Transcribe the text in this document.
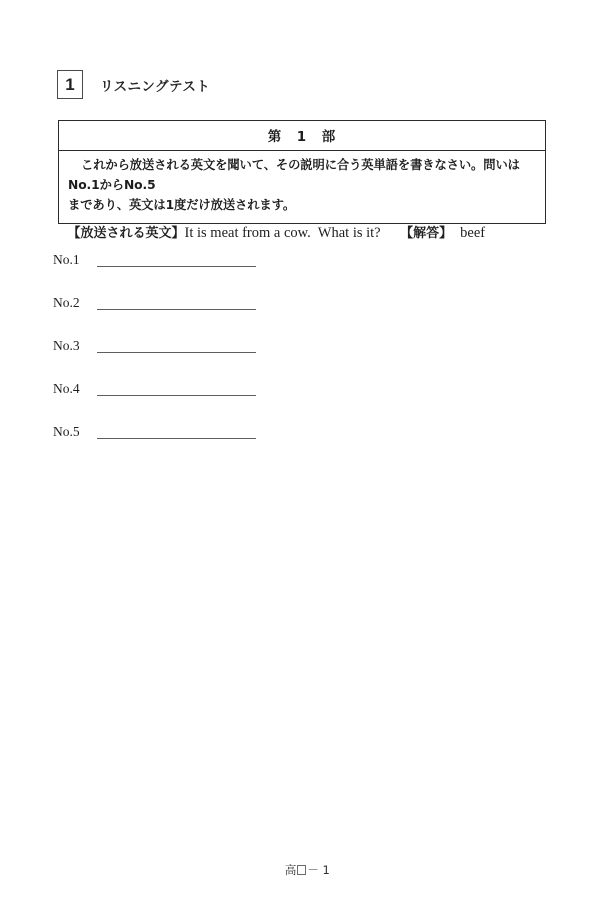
1 リスニングテスト
第　1　部
これから放送される英文を聞いて、その説明に合う英単語を書きなさい。問いはNo.1からNo.5
まであり、英文は1度だけ放送されます。

【放送される英文】It is meat from a cow.  What is it?　　 【解答】　 beef

No.1
No.2
No.3
No.4
No.5

高 － 1
